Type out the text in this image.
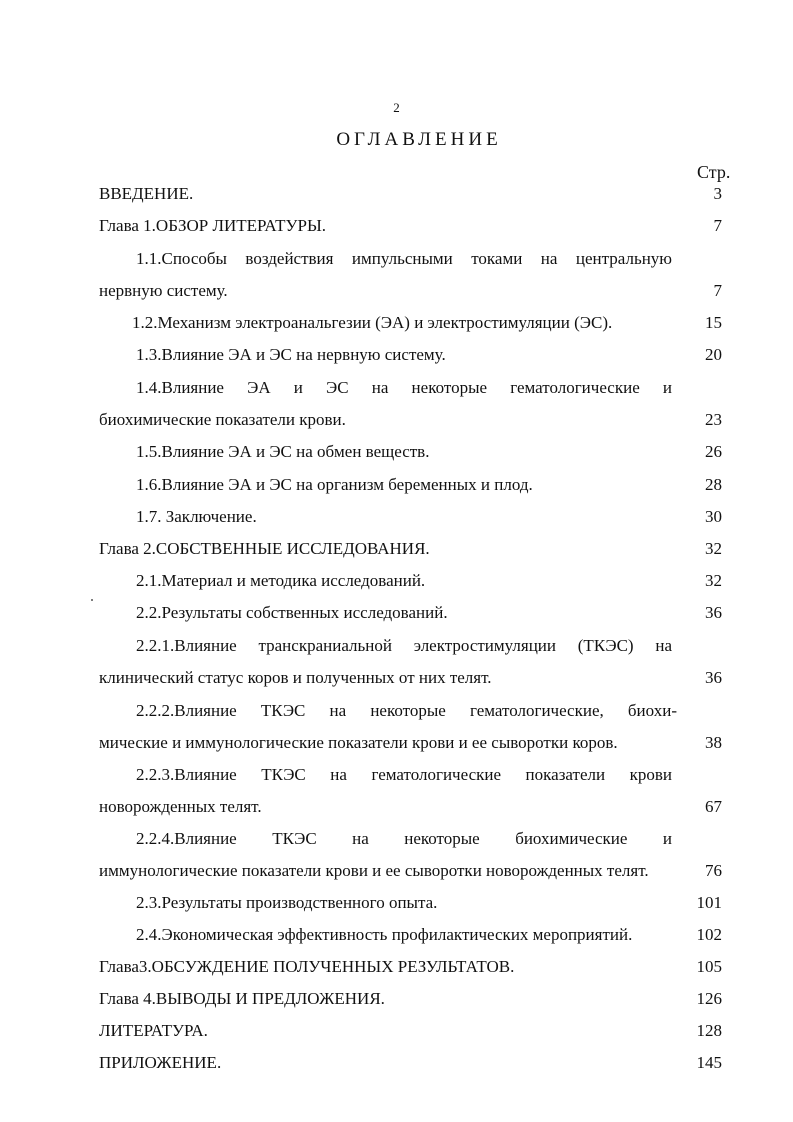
2
ОГЛАВЛЕНИЕ
Стр.
ВВЕДЕНИЕ.	3
Глава 1.ОБЗОР ЛИТЕРАТУРЫ.	7
1.1.Способы воздействия импульсными токами на центральную
нервную систему.	7
1.2.Механизм электроанальгезии (ЭА) и электростимуляции (ЭС).	15
1.3.Влияние ЭА и ЭС на нервную систему.	20
1.4.Влияние ЭА и ЭС на некоторые гематологические и
биохимические показатели крови.	23
1.5.Влияние ЭА и ЭС на обмен веществ.	26
1.6.Влияние ЭА и ЭС на организм беременных и плод.	28
1.7. Заключение.	30
Глава 2.СОБСТВЕННЫЕ ИССЛЕДОВАНИЯ.	32
2.1.Материал и методика исследований.	32
2.2.Результаты собственных исследований.	36
2.2.1.Влияние транскраниальной электростимуляции (ТКЭС) на
клинический статус коров и полученных от них телят.	36
2.2.2.Влияние ТКЭС на некоторые гематологические, биохи-
мические и иммунологические показатели крови и ее сыворотки коров.	38
2.2.3.Влияние ТКЭС на гематологические показатели крови
новорожденных телят.	67
2.2.4.Влияние ТКЭС на некоторые биохимические и
иммунологические показатели крови и ее сыворотки новорожденных телят.	76
2.3.Результаты производственного опыта.	101
2.4.Экономическая эффективность профилактических мероприятий.	102
Глава3.ОБСУЖДЕНИЕ ПОЛУЧЕННЫХ РЕЗУЛЬТАТОВ.	105
Глава 4.ВЫВОДЫ И ПРЕДЛОЖЕНИЯ.	126
ЛИТЕРАТУРА.	128
ПРИЛОЖЕНИЕ.	145
